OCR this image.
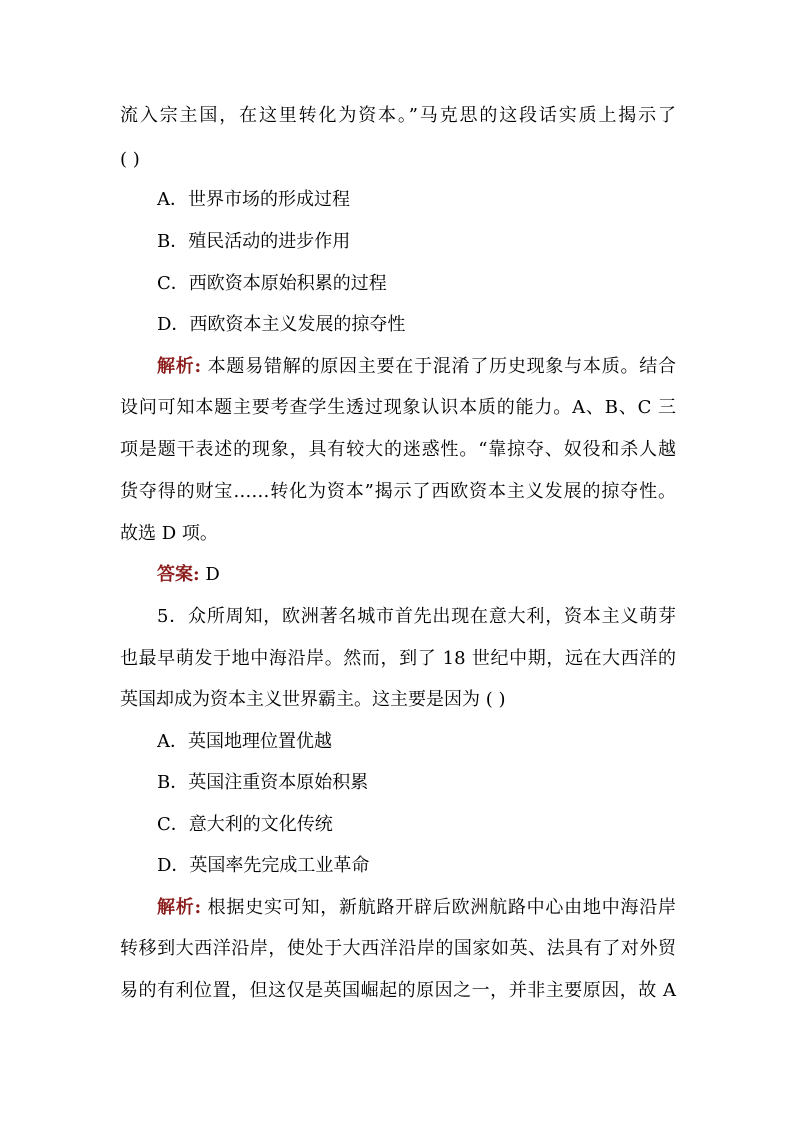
流入宗主国，在这里转化为资本。”马克思的这段话实质上揭示了
( )
A．世界市场的形成过程
B．殖民活动的进步作用
C．西欧资本原始积累的过程
D．西欧资本主义发展的掠夺性
解析: 本题易错解的原因主要在于混淆了历史现象与本质。结合
设问可知本题主要考查学生透过现象认识本质的能力。A、B、C 三
项是题干表述的现象，具有较大的迷惑性。“靠掠夺、奴役和杀人越
货夺得的财宝……转化为资本”揭示了西欧资本主义发展的掠夺性。
故选 D 项。
答案: D
5．众所周知，欧洲著名城市首先出现在意大利，资本主义萌芽
也最早萌发于地中海沿岸。然而，到了 18 世纪中期，远在大西洋的
英国却成为资本主义世界霸主。这主要是因为 ( )
A．英国地理位置优越
B．英国注重资本原始积累
C．意大利的文化传统
D．英国率先完成工业革命
解析: 根据史实可知，新航路开辟后欧洲航路中心由地中海沿岸
转移到大西洋沿岸，使处于大西洋沿岸的国家如英、法具有了对外贸
易的有利位置，但这仅是英国崛起的原因之一，并非主要原因，故 A
